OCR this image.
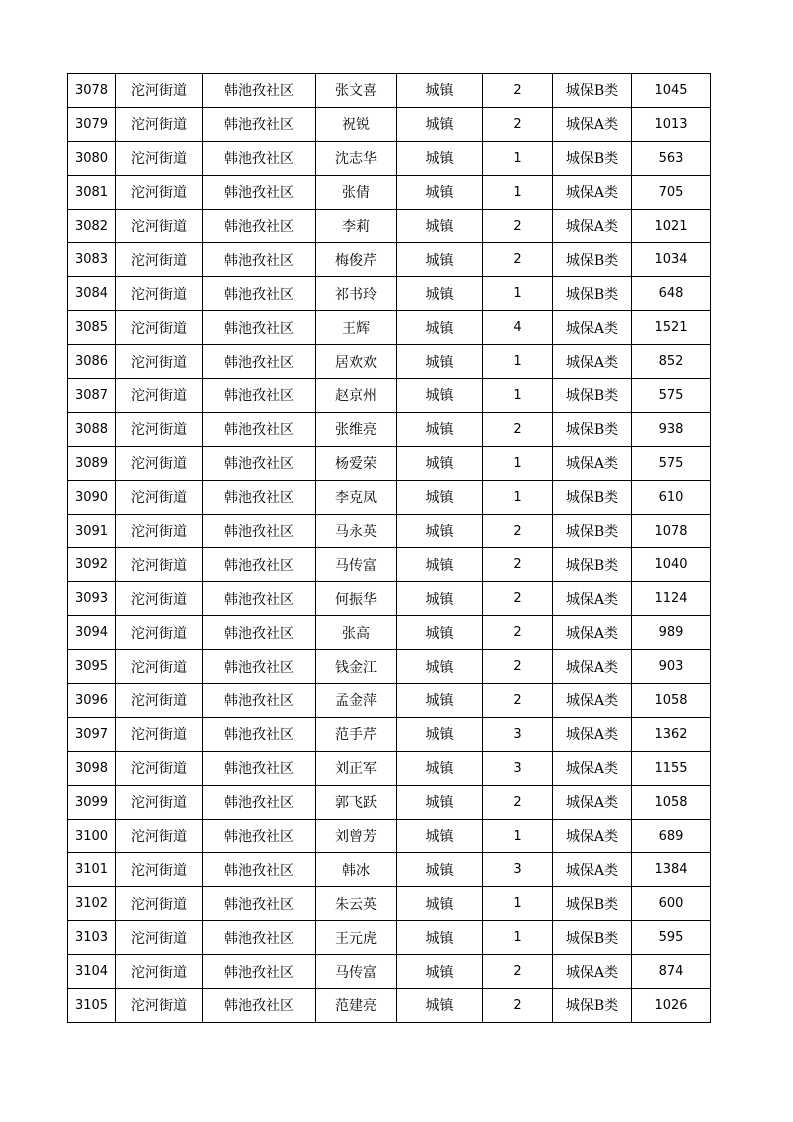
3078	沱河街道	韩池孜社区	张文喜	城镇	2	城保B类	1045
3079	沱河街道	韩池孜社区	祝锐	城镇	2	城保A类	1013
3080	沱河街道	韩池孜社区	沈志华	城镇	1	城保B类	563
3081	沱河街道	韩池孜社区	张倩	城镇	1	城保A类	705
3082	沱河街道	韩池孜社区	李莉	城镇	2	城保A类	1021
3083	沱河街道	韩池孜社区	梅俊芹	城镇	2	城保B类	1034
3084	沱河街道	韩池孜社区	祁书玲	城镇	1	城保B类	648
3085	沱河街道	韩池孜社区	王辉	城镇	4	城保A类	1521
3086	沱河街道	韩池孜社区	居欢欢	城镇	1	城保A类	852
3087	沱河街道	韩池孜社区	赵京州	城镇	1	城保B类	575
3088	沱河街道	韩池孜社区	张维亮	城镇	2	城保B类	938
3089	沱河街道	韩池孜社区	杨爱荣	城镇	1	城保A类	575
3090	沱河街道	韩池孜社区	李克凤	城镇	1	城保B类	610
3091	沱河街道	韩池孜社区	马永英	城镇	2	城保B类	1078
3092	沱河街道	韩池孜社区	马传富	城镇	2	城保B类	1040
3093	沱河街道	韩池孜社区	何振华	城镇	2	城保A类	1124
3094	沱河街道	韩池孜社区	张高	城镇	2	城保A类	989
3095	沱河街道	韩池孜社区	钱金江	城镇	2	城保A类	903
3096	沱河街道	韩池孜社区	孟金萍	城镇	2	城保A类	1058
3097	沱河街道	韩池孜社区	范手芹	城镇	3	城保A类	1362
3098	沱河街道	韩池孜社区	刘正军	城镇	3	城保A类	1155
3099	沱河街道	韩池孜社区	郭飞跃	城镇	2	城保A类	1058
3100	沱河街道	韩池孜社区	刘曾芳	城镇	1	城保A类	689
3101	沱河街道	韩池孜社区	韩冰	城镇	3	城保A类	1384
3102	沱河街道	韩池孜社区	朱云英	城镇	1	城保B类	600
3103	沱河街道	韩池孜社区	王元虎	城镇	1	城保B类	595
3104	沱河街道	韩池孜社区	马传富	城镇	2	城保A类	874
3105	沱河街道	韩池孜社区	范建亮	城镇	2	城保B类	1026
